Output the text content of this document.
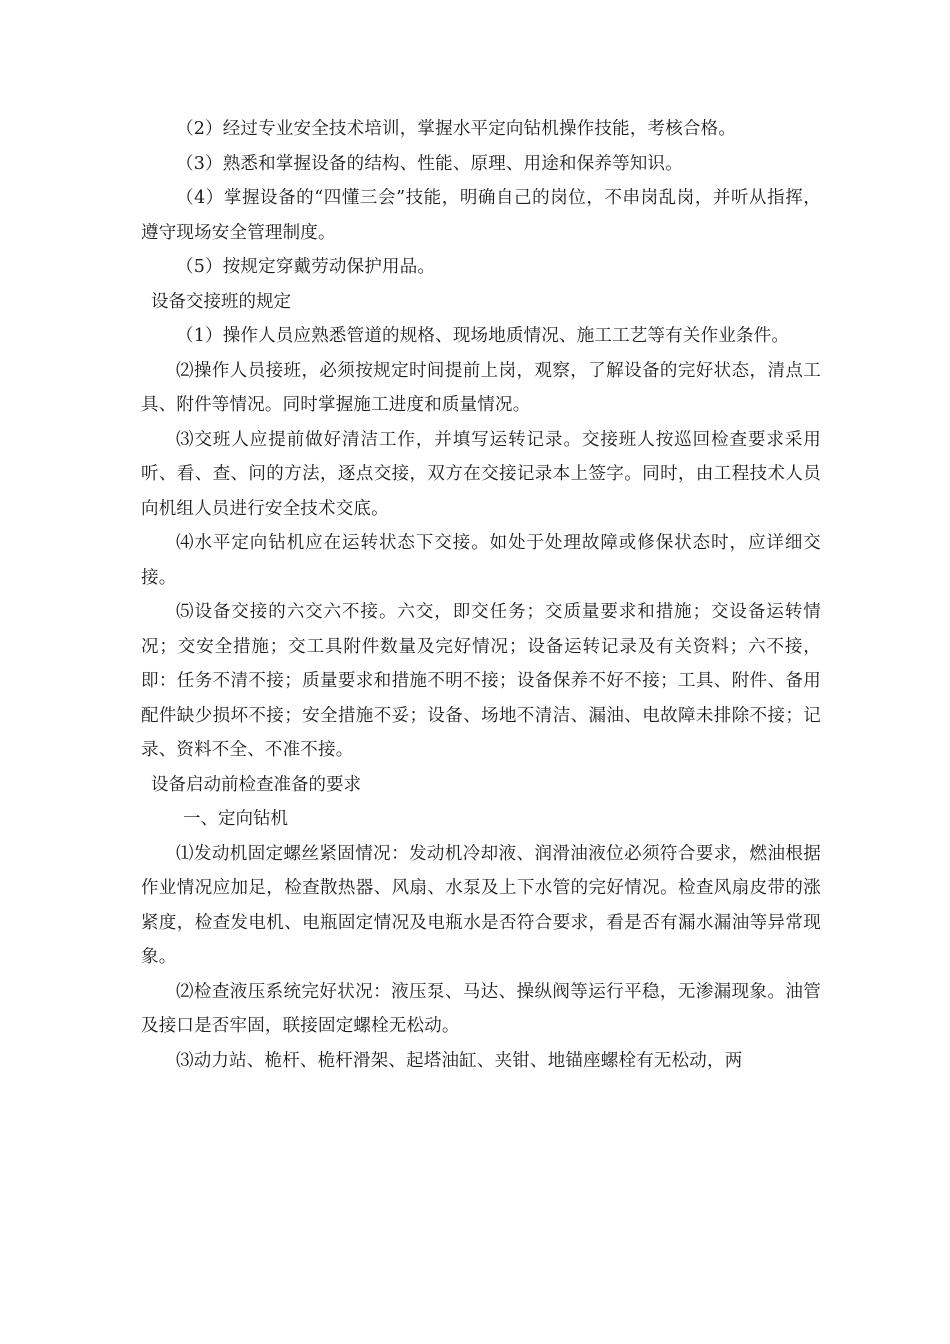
（2）经过专业安全技术培训，掌握水平定向钻机操作技能，考核合格。

（3）熟悉和掌握设备的结构、性能、原理、用途和保养等知识。

（4）掌握设备的“四懂三会”技能，明确自己的岗位，不串岗乱岗，并听从指挥，遵守现场安全管理制度。

（5）按规定穿戴劳动保护用品。

设备交接班的规定

（1）操作人员应熟悉管道的规格、现场地质情况、施工工艺等有关作业条件。

⑵操作人员接班，必须按规定时间提前上岗，观察，了解设备的完好状态，清点工具、附件等情况。同时掌握施工进度和质量情况。

⑶交班人应提前做好清洁工作，并填写运转记录。交接班人按巡回检查要求采用听、看、查、问的方法，逐点交接，双方在交接记录本上签字。同时，由工程技术人员向机组人员进行安全技术交底。

⑷水平定向钻机应在运转状态下交接。如处于处理故障或修保状态时，应详细交接。

⑸设备交接的六交六不接。六交，即交任务；交质量要求和措施；交设备运转情况；交安全措施；交工具附件数量及完好情况；设备运转记录及有关资料；六不接，即：任务不清不接；质量要求和措施不明不接；设备保养不好不接；工具、附件、备用配件缺少损坏不接；安全措施不妥；设备、场地不清洁、漏油、电故障未排除不接；记录、资料不全、不准不接。

设备启动前检查准备的要求

一、定向钻机

⑴发动机固定螺丝紧固情况：发动机冷却液、润滑油液位必须符合要求，燃油根据作业情况应加足，检查散热器、风扇、水泵及上下水管的完好情况。检查风扇皮带的涨紧度，检查发电机、电瓶固定情况及电瓶水是否符合要求，看是否有漏水漏油等异常现象。

⑵检查液压系统完好状况：液压泵、马达、操纵阀等运行平稳，无渗漏现象。油管及接口是否牢固，联接固定螺栓无松动。

⑶动力站、桅杆、桅杆滑架、起塔油缸、夹钳、地锚座螺栓有无松动，两
